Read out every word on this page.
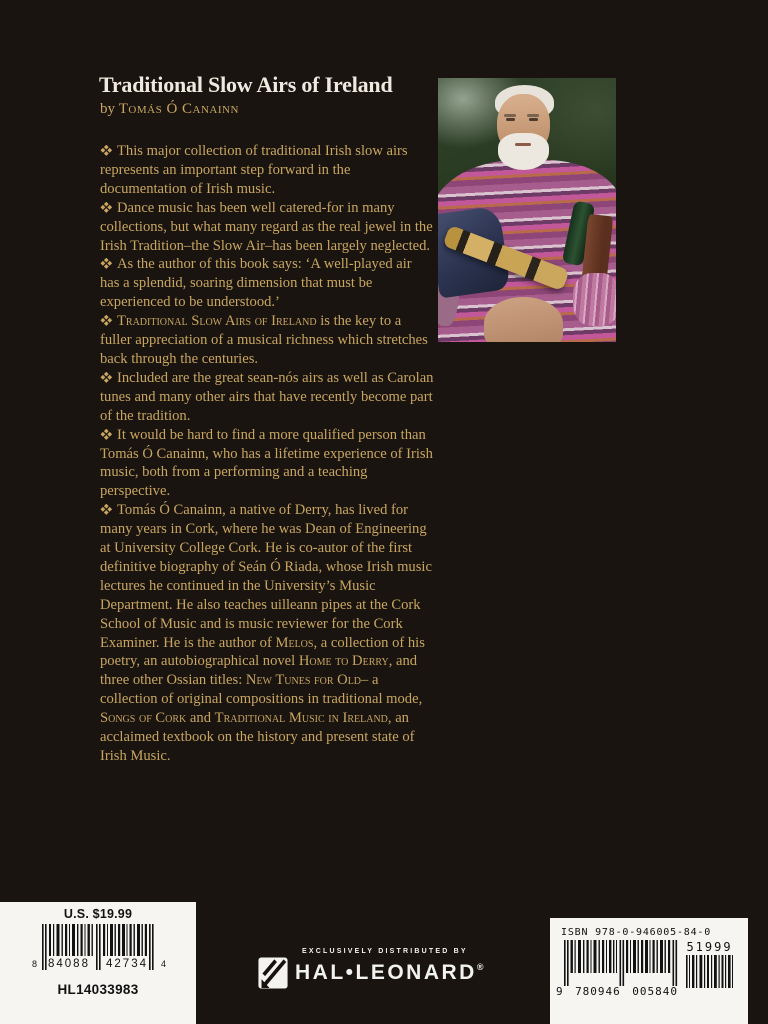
Traditional Slow Airs of Ireland
by Tomás Ó Canainn

This major collection of traditional Irish slow airs represents an important step forward in the documentation of Irish music.

Dance music has been well catered-for in many collections, but what many regard as the real jewel in the Irish Tradition–the Slow Air–has been largely neglected.

As the author of this book says: ‘A well-played air has a splendid, soaring dimension that must be experienced to be understood.’

Traditional Slow Airs of Ireland is the key to a fuller appreciation of a musical richness which stretches back through the centuries.

Included are the great sean-nós airs as well as Carolan tunes and many other airs that have recently become part of the tradition.

It would be hard to find a more qualified person than Tomás Ó Canainn, who has a lifetime experience of Irish music, both from a performing and a teaching perspective.

Tomás Ó Canainn, a native of Derry, has lived for many years in Cork, where he was Dean of Engineering at University College Cork. He is co-autor of the first definitive biography of Seán Ó Riada, whose Irish music lectures he continued in the University’s Music Department. He also teaches uilleann pipes at the Cork School of Music and is music reviewer for the Cork Examiner. He is the author of Melos, a collection of his poetry, an autobiographical novel Home to Derry, and three other Ossian titles: New Tunes for Old– a collection of original compositions in traditional mode, Songs of Cork and Traditional Music in Ireland, an acclaimed textbook on the history and present state of Irish Music.

U.S. $19.99
8 84088 42734 4
HL14033983
EXCLUSIVELY DISTRIBUTED BY
HAL•LEONARD®
ISBN 978-0-946005-84-0
9 780946 005840
51999
